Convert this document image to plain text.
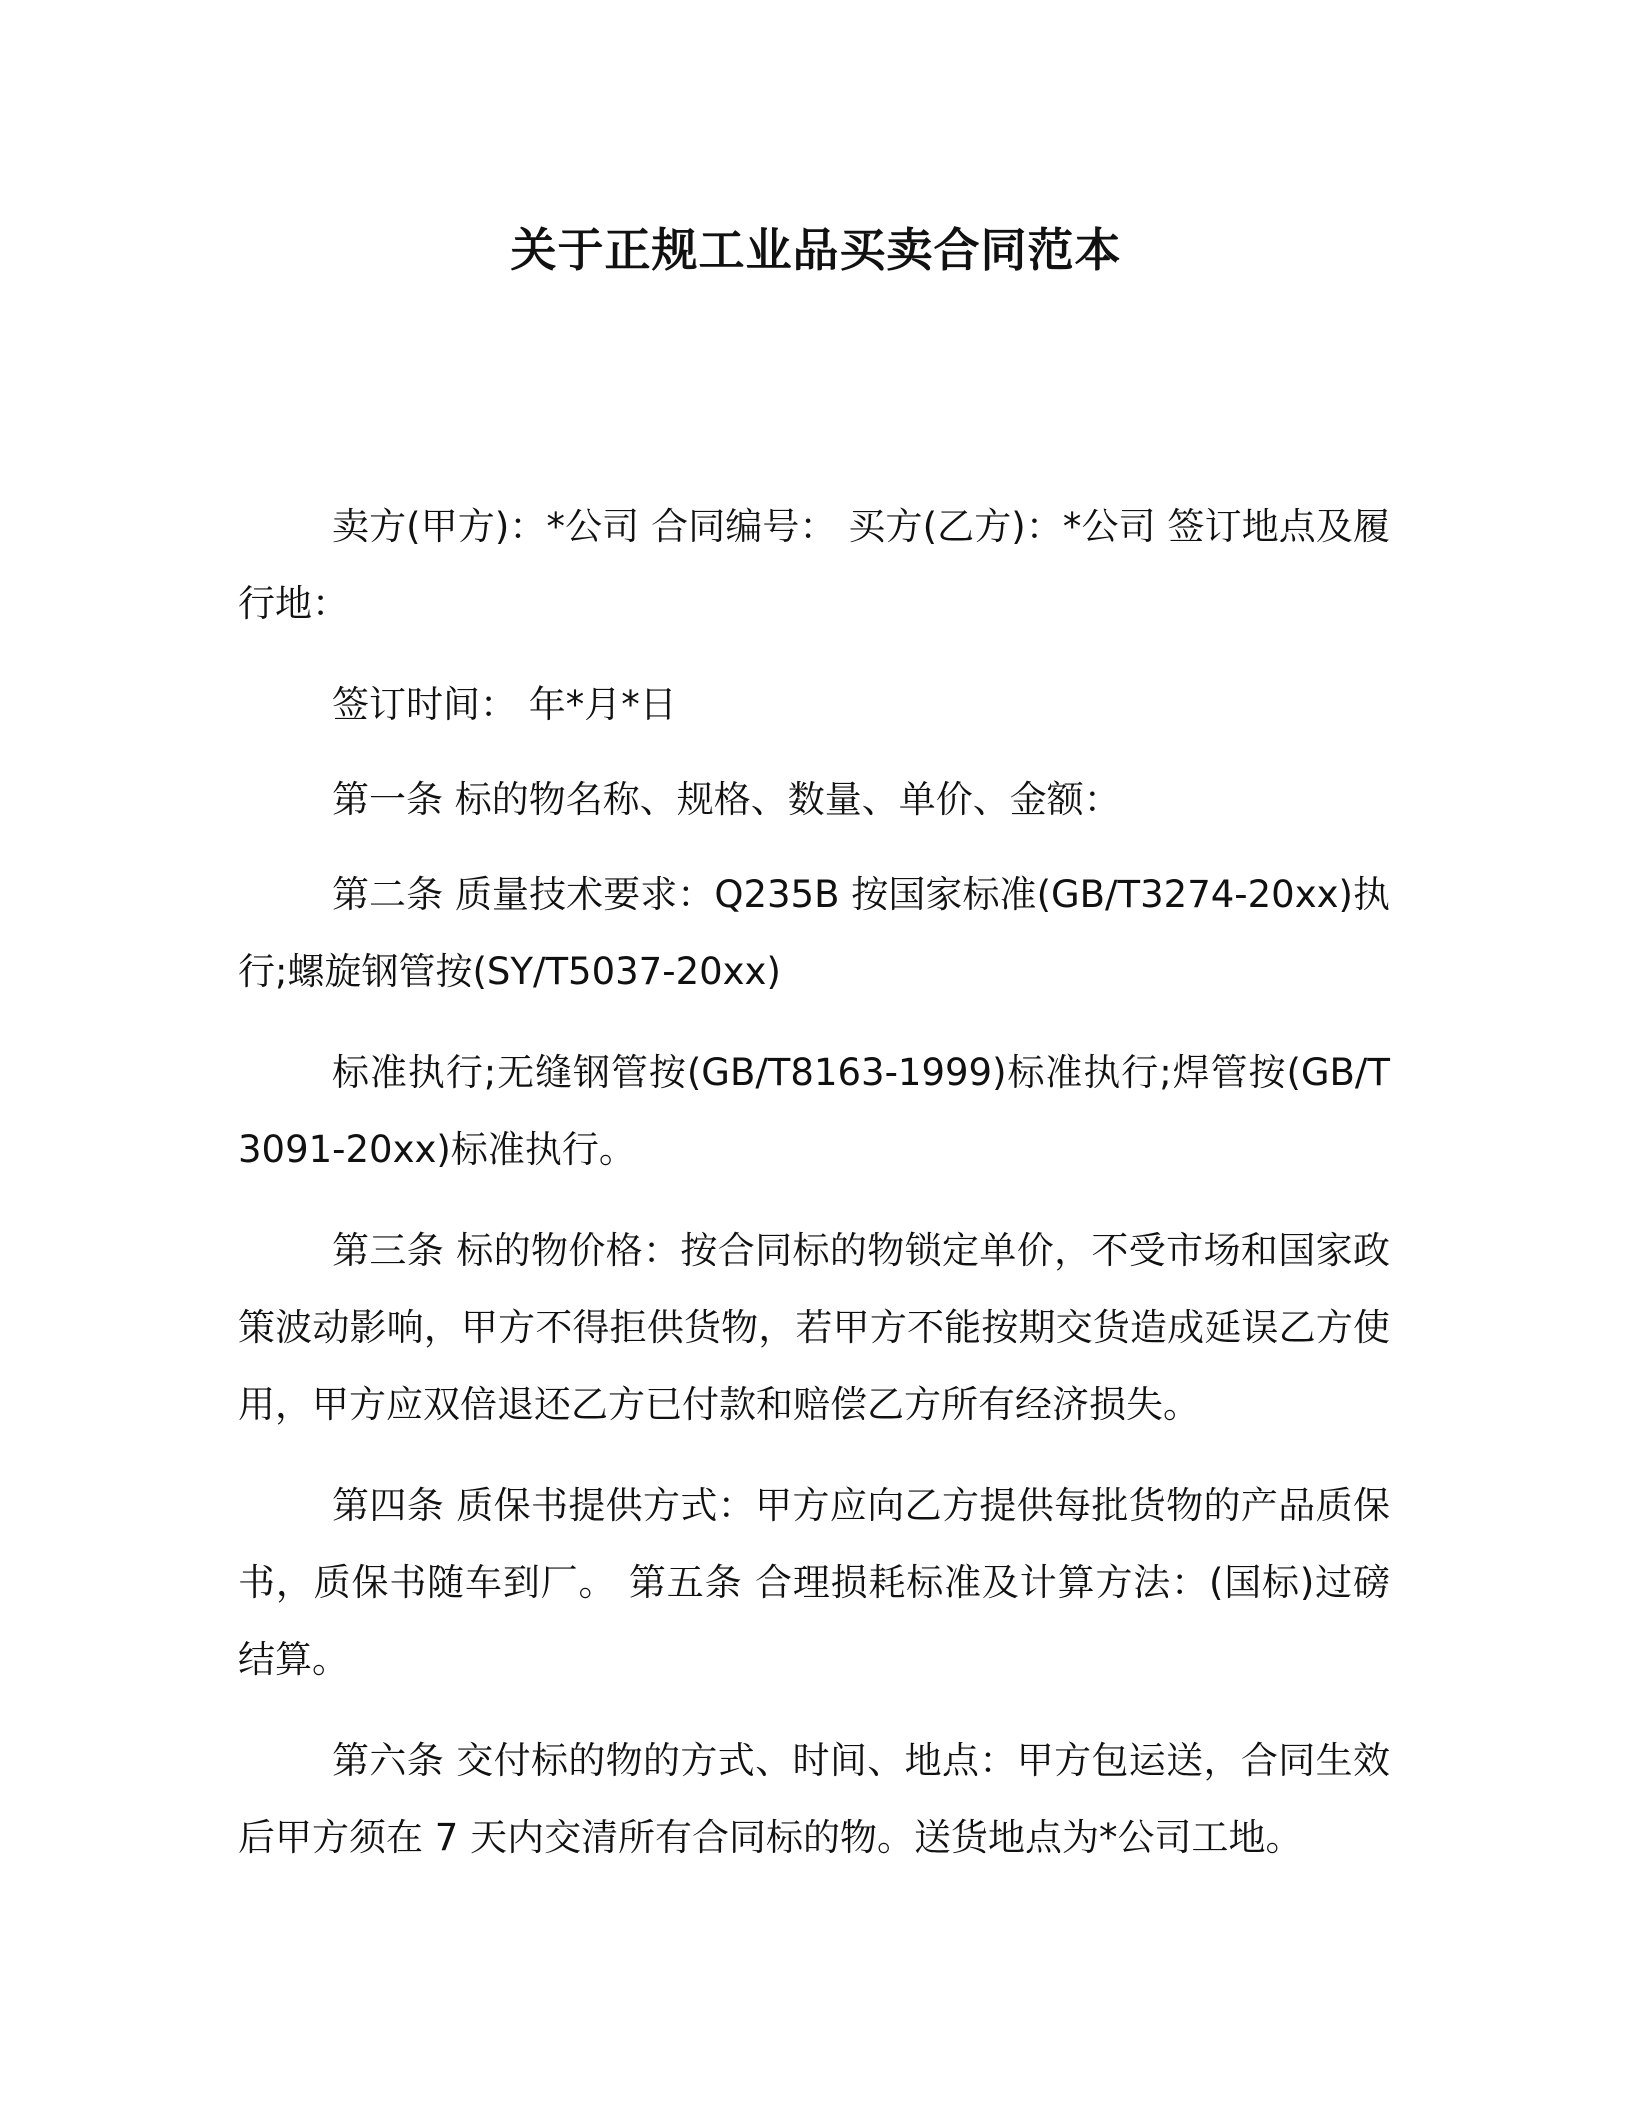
关于正规工业品买卖合同范本

卖方(甲方)：*公司 合同编号： 买方(乙方)：*公司 签订地点及履行地：

签订时间： 年*月*日

第一条 标的物名称、规格、数量、单价、金额：

第二条 质量技术要求：Q235B 按国家标准(GB/T3274-20xx)执行;螺旋钢管按(SY/T5037-20xx)

标准执行;无缝钢管按(GB/T8163-1999)标准执行;焊管按(GB/T3091-20xx)标准执行。

第三条 标的物价格：按合同标的物锁定单价，不受市场和国家政策波动影响，甲方不得拒供货物，若甲方不能按期交货造成延误乙方使用，甲方应双倍退还乙方已付款和赔偿乙方所有经济损失。

第四条 质保书提供方式：甲方应向乙方提供每批货物的产品质保书，质保书随车到厂。 第五条 合理损耗标准及计算方法：(国标)过磅结算。

第六条 交付标的物的方式、时间、地点：甲方包运送，合同生效后甲方须在 7 天内交清所有合同标的物。送货地点为*公司工地。
